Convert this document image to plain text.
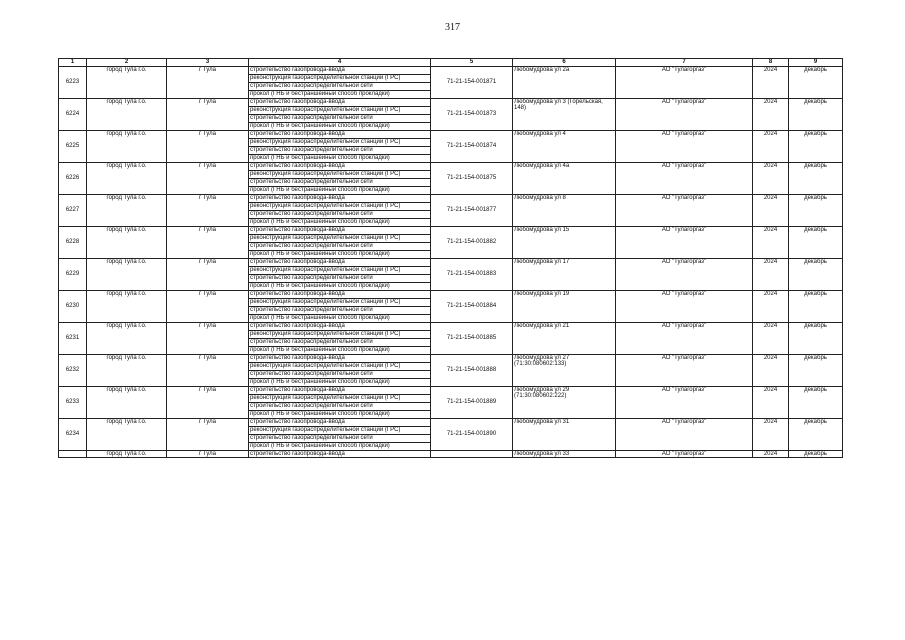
317
1	2	3	4	5	6	7	8	9
6223	город Тула г.о.	г Тула	строительство газопровода-ввода	71-21-154-001871	Любомудрова ул 2а	АО "Тулагоргаз"	2024	декабрь
			реконструкция газораспределительной станции (ГРС)					
			строительство газораспределительной сети					
			прокол (ГНБ и бестраншейный способ прокладки)					
6224	город Тула г.о.	г Тула	строительство газопровода-ввода	71-21-154-001873	Любомудрова ул 3 (Горельская, 148)	АО "Тулагоргаз"	2024	декабрь
			реконструкция газораспределительной станции (ГРС)					
			строительство газораспределительной сети					
			прокол (ГНБ и бестраншейный способ прокладки)					
6225	город Тула г.о.	г Тула	строительство газопровода-ввода	71-21-154-001874	Любомудрова ул 4	АО "Тулагоргаз"	2024	декабрь
			реконструкция газораспределительной станции (ГРС)					
			строительство газораспределительной сети					
			прокол (ГНБ и бестраншейный способ прокладки)					
6226	город Тула г.о.	г Тула	строительство газопровода-ввода	71-21-154-001875	Любомудрова ул 4а	АО "Тулагоргаз"	2024	декабрь
			реконструкция газораспределительной станции (ГРС)					
			строительство газораспределительной сети					
			прокол (ГНБ и бестраншейный способ прокладки)					
6227	город Тула г.о.	г Тула	строительство газопровода-ввода	71-21-154-001877	Любомудрова ул 8	АО "Тулагоргаз"	2024	декабрь
			реконструкция газораспределительной станции (ГРС)					
			строительство газораспределительной сети					
			прокол (ГНБ и бестраншейный способ прокладки)					
6228	город Тула г.о.	г Тула	строительство газопровода-ввода	71-21-154-001882	Любомудрова ул 15	АО "Тулагоргаз"	2024	декабрь
			реконструкция газораспределительной станции (ГРС)					
			строительство газораспределительной сети					
			прокол (ГНБ и бестраншейный способ прокладки)					
6229	город Тула г.о.	г Тула	строительство газопровода-ввода	71-21-154-001883	Любомудрова ул 17	АО "Тулагоргаз"	2024	декабрь
			реконструкция газораспределительной станции (ГРС)					
			строительство газораспределительной сети					
			прокол (ГНБ и бестраншейный способ прокладки)					
6230	город Тула г.о.	г Тула	строительство газопровода-ввода	71-21-154-001884	Любомудрова ул 19	АО "Тулагоргаз"	2024	декабрь
			реконструкция газораспределительной станции (ГРС)					
			строительство газораспределительной сети					
			прокол (ГНБ и бестраншейный способ прокладки)					
6231	город Тула г.о.	г Тула	строительство газопровода-ввода	71-21-154-001885	Любомудрова ул 21	АО "Тулагоргаз"	2024	декабрь
			реконструкция газораспределительной станции (ГРС)					
			строительство газораспределительной сети					
			прокол (ГНБ и бестраншейный способ прокладки)					
6232	город Тула г.о.	г Тула	строительство газопровода-ввода	71-21-154-001888	Любомудрова ул 27 (71:30:080602:133)	АО "Тулагоргаз"	2024	декабрь
			реконструкция газораспределительной станции (ГРС)					
			строительство газораспределительной сети					
			прокол (ГНБ и бестраншейный способ прокладки)					
6233	город Тула г.о.	г Тула	строительство газопровода-ввода	71-21-154-001889	Любомудрова ул 29 (71:30:080602:222)	АО "Тулагоргаз"	2024	декабрь
			реконструкция газораспределительной станции (ГРС)					
			строительство газораспределительной сети					
			прокол (ГНБ и бестраншейный способ прокладки)					
6234	город Тула г.о.	г Тула	строительство газопровода-ввода	71-21-154-001890	Любомудрова ул 31	АО "Тулагоргаз"	2024	декабрь
			реконструкция газораспределительной станции (ГРС)					
			строительство газораспределительной сети					
			прокол (ГНБ и бестраншейный способ прокладки)					
	город Тула г.о.	г Тула	строительство газопровода-ввода		Любомудрова ул 33	АО "Тулагоргаз"	2024	декабрь
